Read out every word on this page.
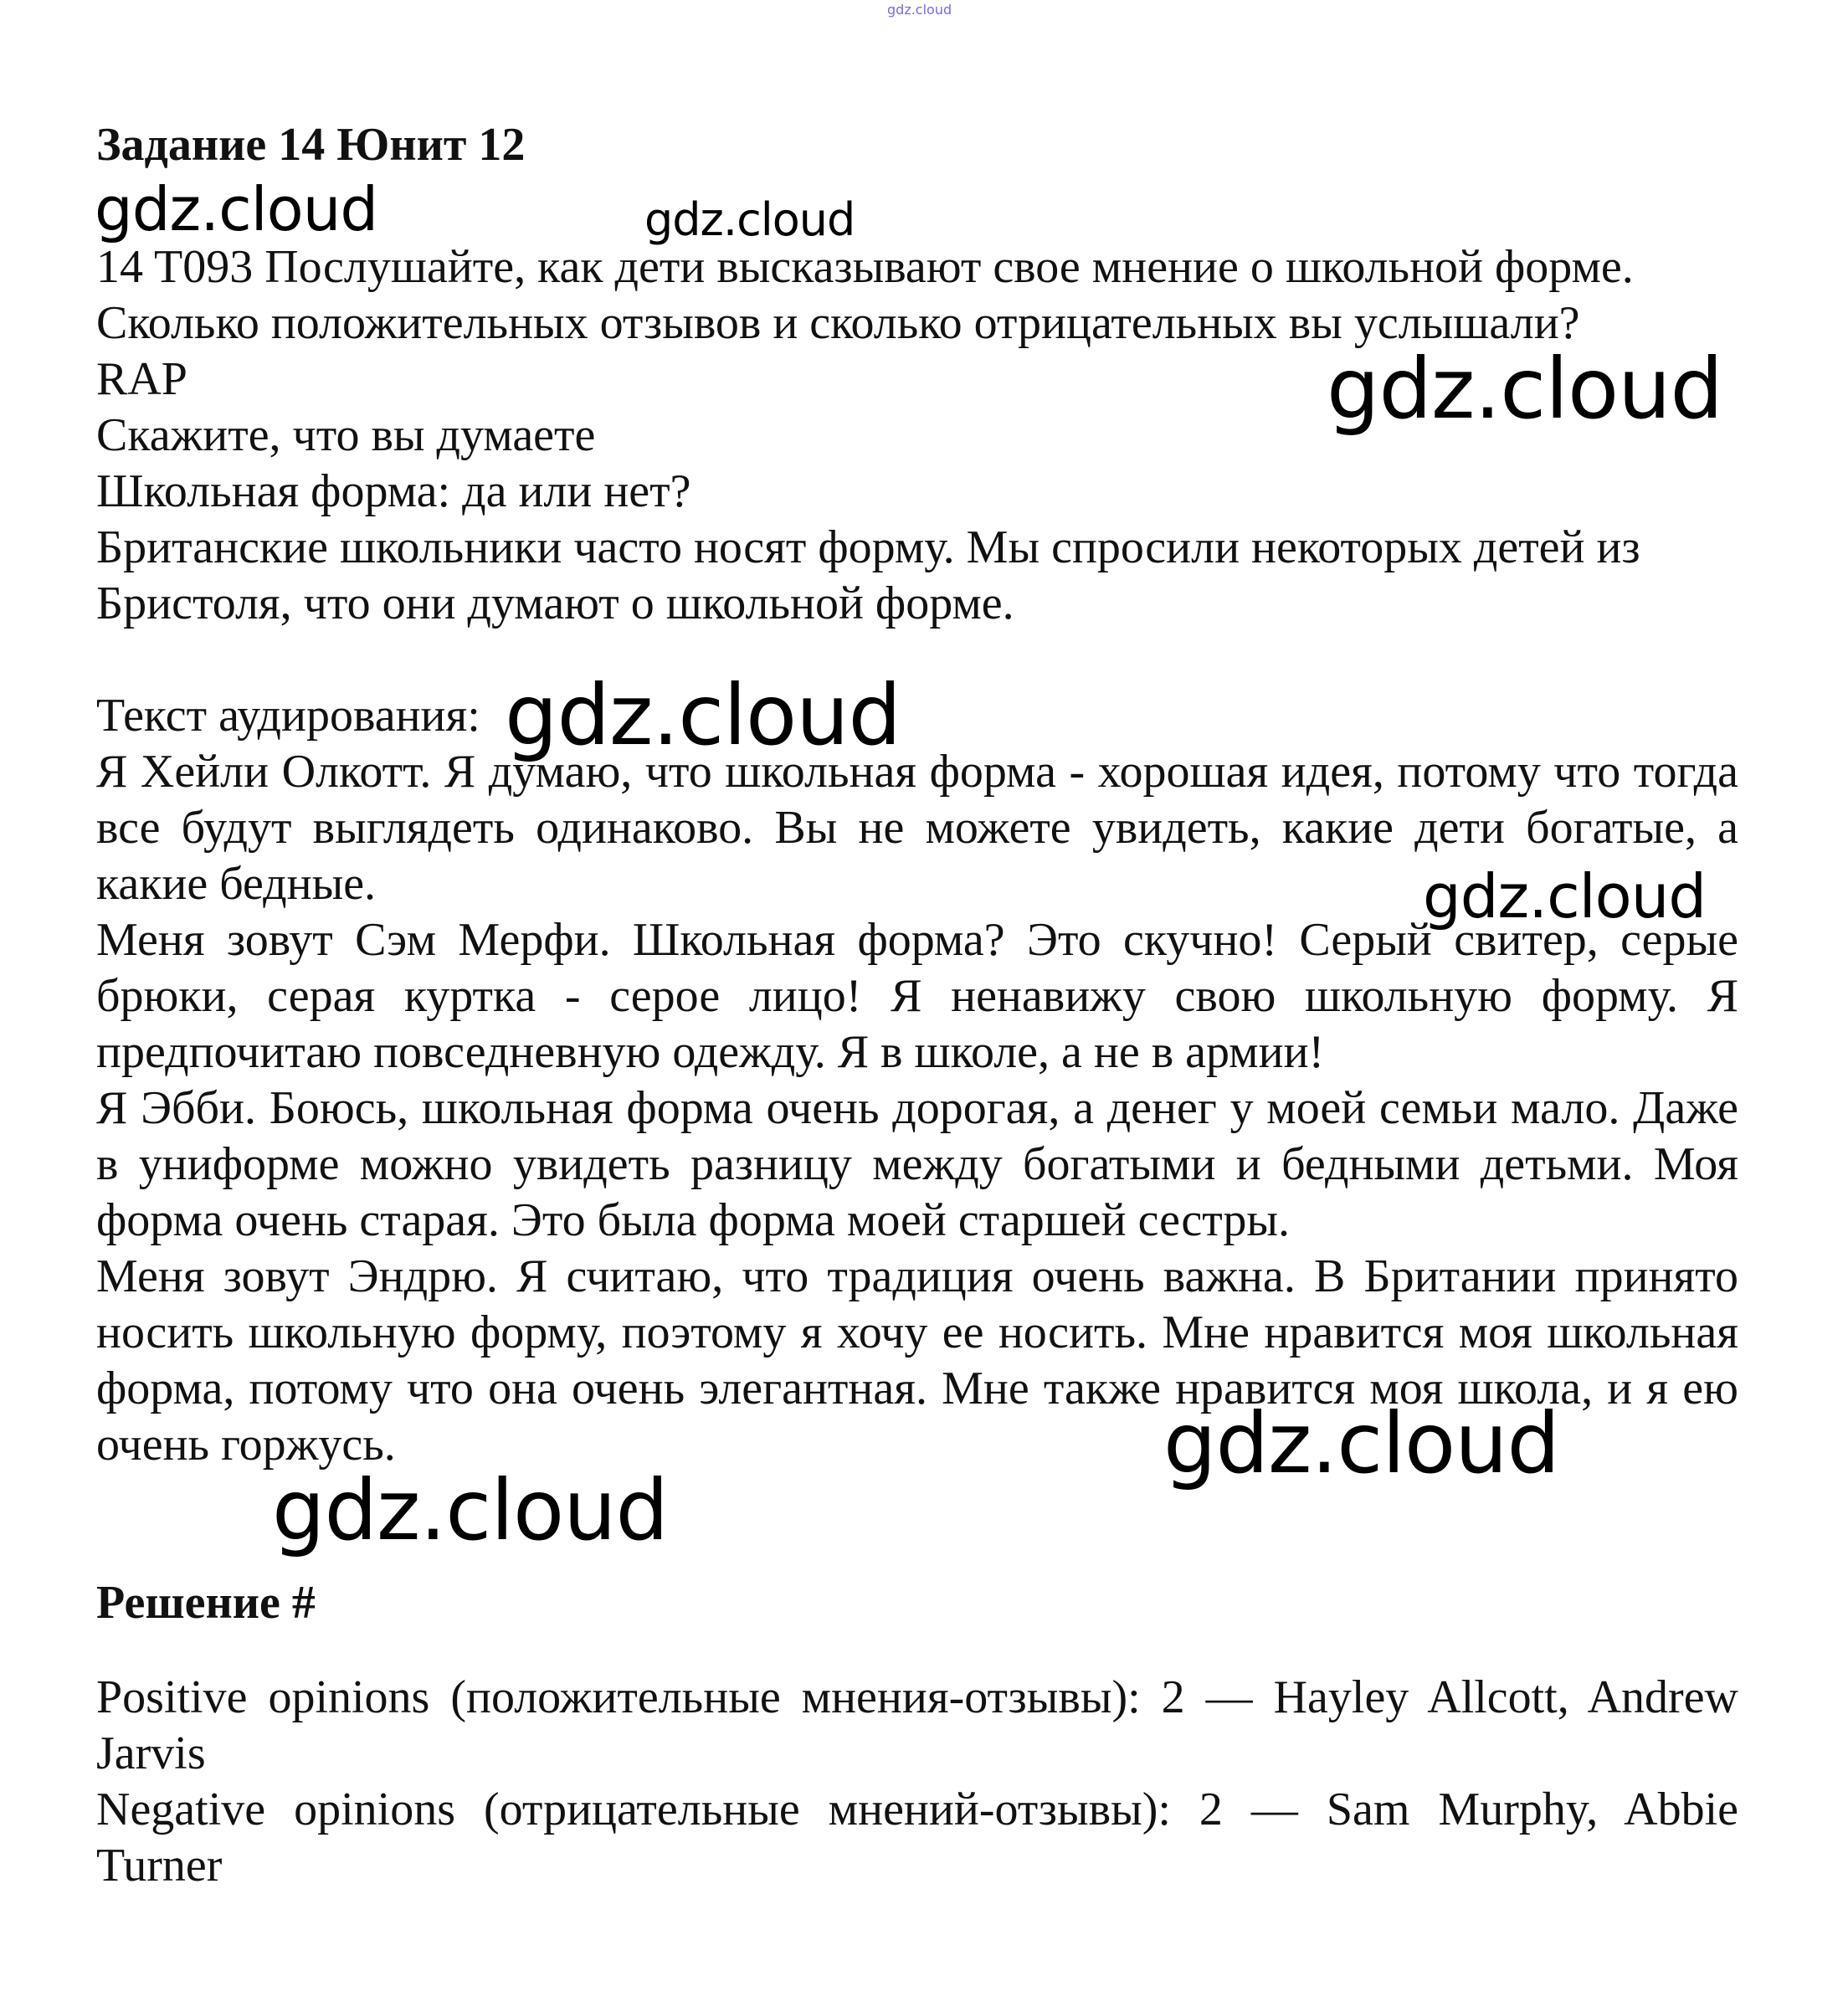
gdz.cloud

Задание 14 Юнит 12

gdz.cloud	gdz.cloud

14 T093 Послушайте, как дети высказывают свое мнение о школьной форме.

Сколько положительных отзывов и сколько отрицательных вы услышали?

RAP

Скажите, что вы думаете

Школьная форма: да или нет?

Британские школьники часто носят форму. Мы спросили некоторых детей из

Бристоля, что они думают о школьной форме.

gdz.cloud

Текст аудирования: gdz.cloud

Я Хейли Олкотт. Я думаю, что школьная форма - хорошая идея, потому что тогда все будут выглядеть одинаково. Вы не можете увидеть, какие дети богатые, а какие бедные.	gdz.cloud

Меня зовут Сэм Мерфи. Школьная форма? Это скучно! Серый свитер, серые брюки, серая куртка - серое лицо! Я ненавижу свою школьную форму. Я предпочитаю повседневную одежду. Я в школе, а не в армии!

Я Эбби. Боюсь, школьная форма очень дорогая, а денег у моей семьи мало. Даже в униформе можно увидеть разницу между богатыми и бедными детьми. Моя форма очень старая. Это была форма моей старшей сестры.

Меня зовут Эндрю. Я считаю, что традиция очень важна. В Британии принято носить школьную форму, поэтому я хочу ее носить. Мне нравится моя школьная форма, потому что она очень элегантная. Мне также нравится моя школа, и я ею очень горжусь.	gdz.cloud
gdz.cloud

Решение #

Positive opinions (положительные мнения-отзывы): 2 — Hayley Allcott, Andrew Jarvis

Negative opinions (отрицательные мнений-отзывы): 2 — Sam Murphy, Abbie Turner
